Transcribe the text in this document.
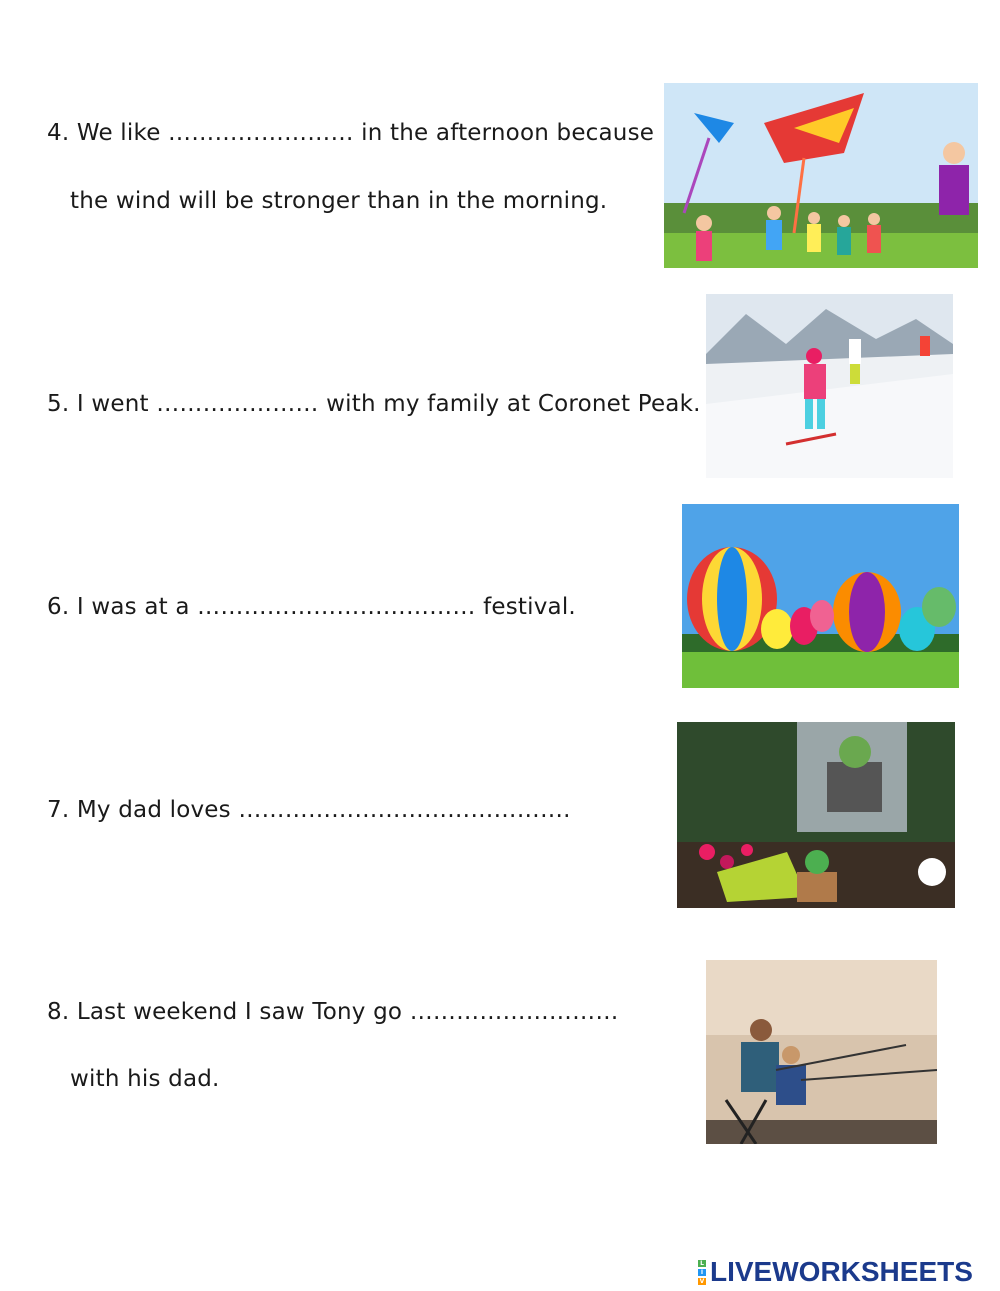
4. We like …………………… in the afternoon because
the wind will be stronger than in the morning.
5. I went ………………… with my family at Coronet Peak.
6. I was at a ……………………………… festival.
7. My dad loves …………………………………….
8. Last weekend I saw Tony go ………………………
with his dad.
L
I
V LIVEWORKSHEETS
